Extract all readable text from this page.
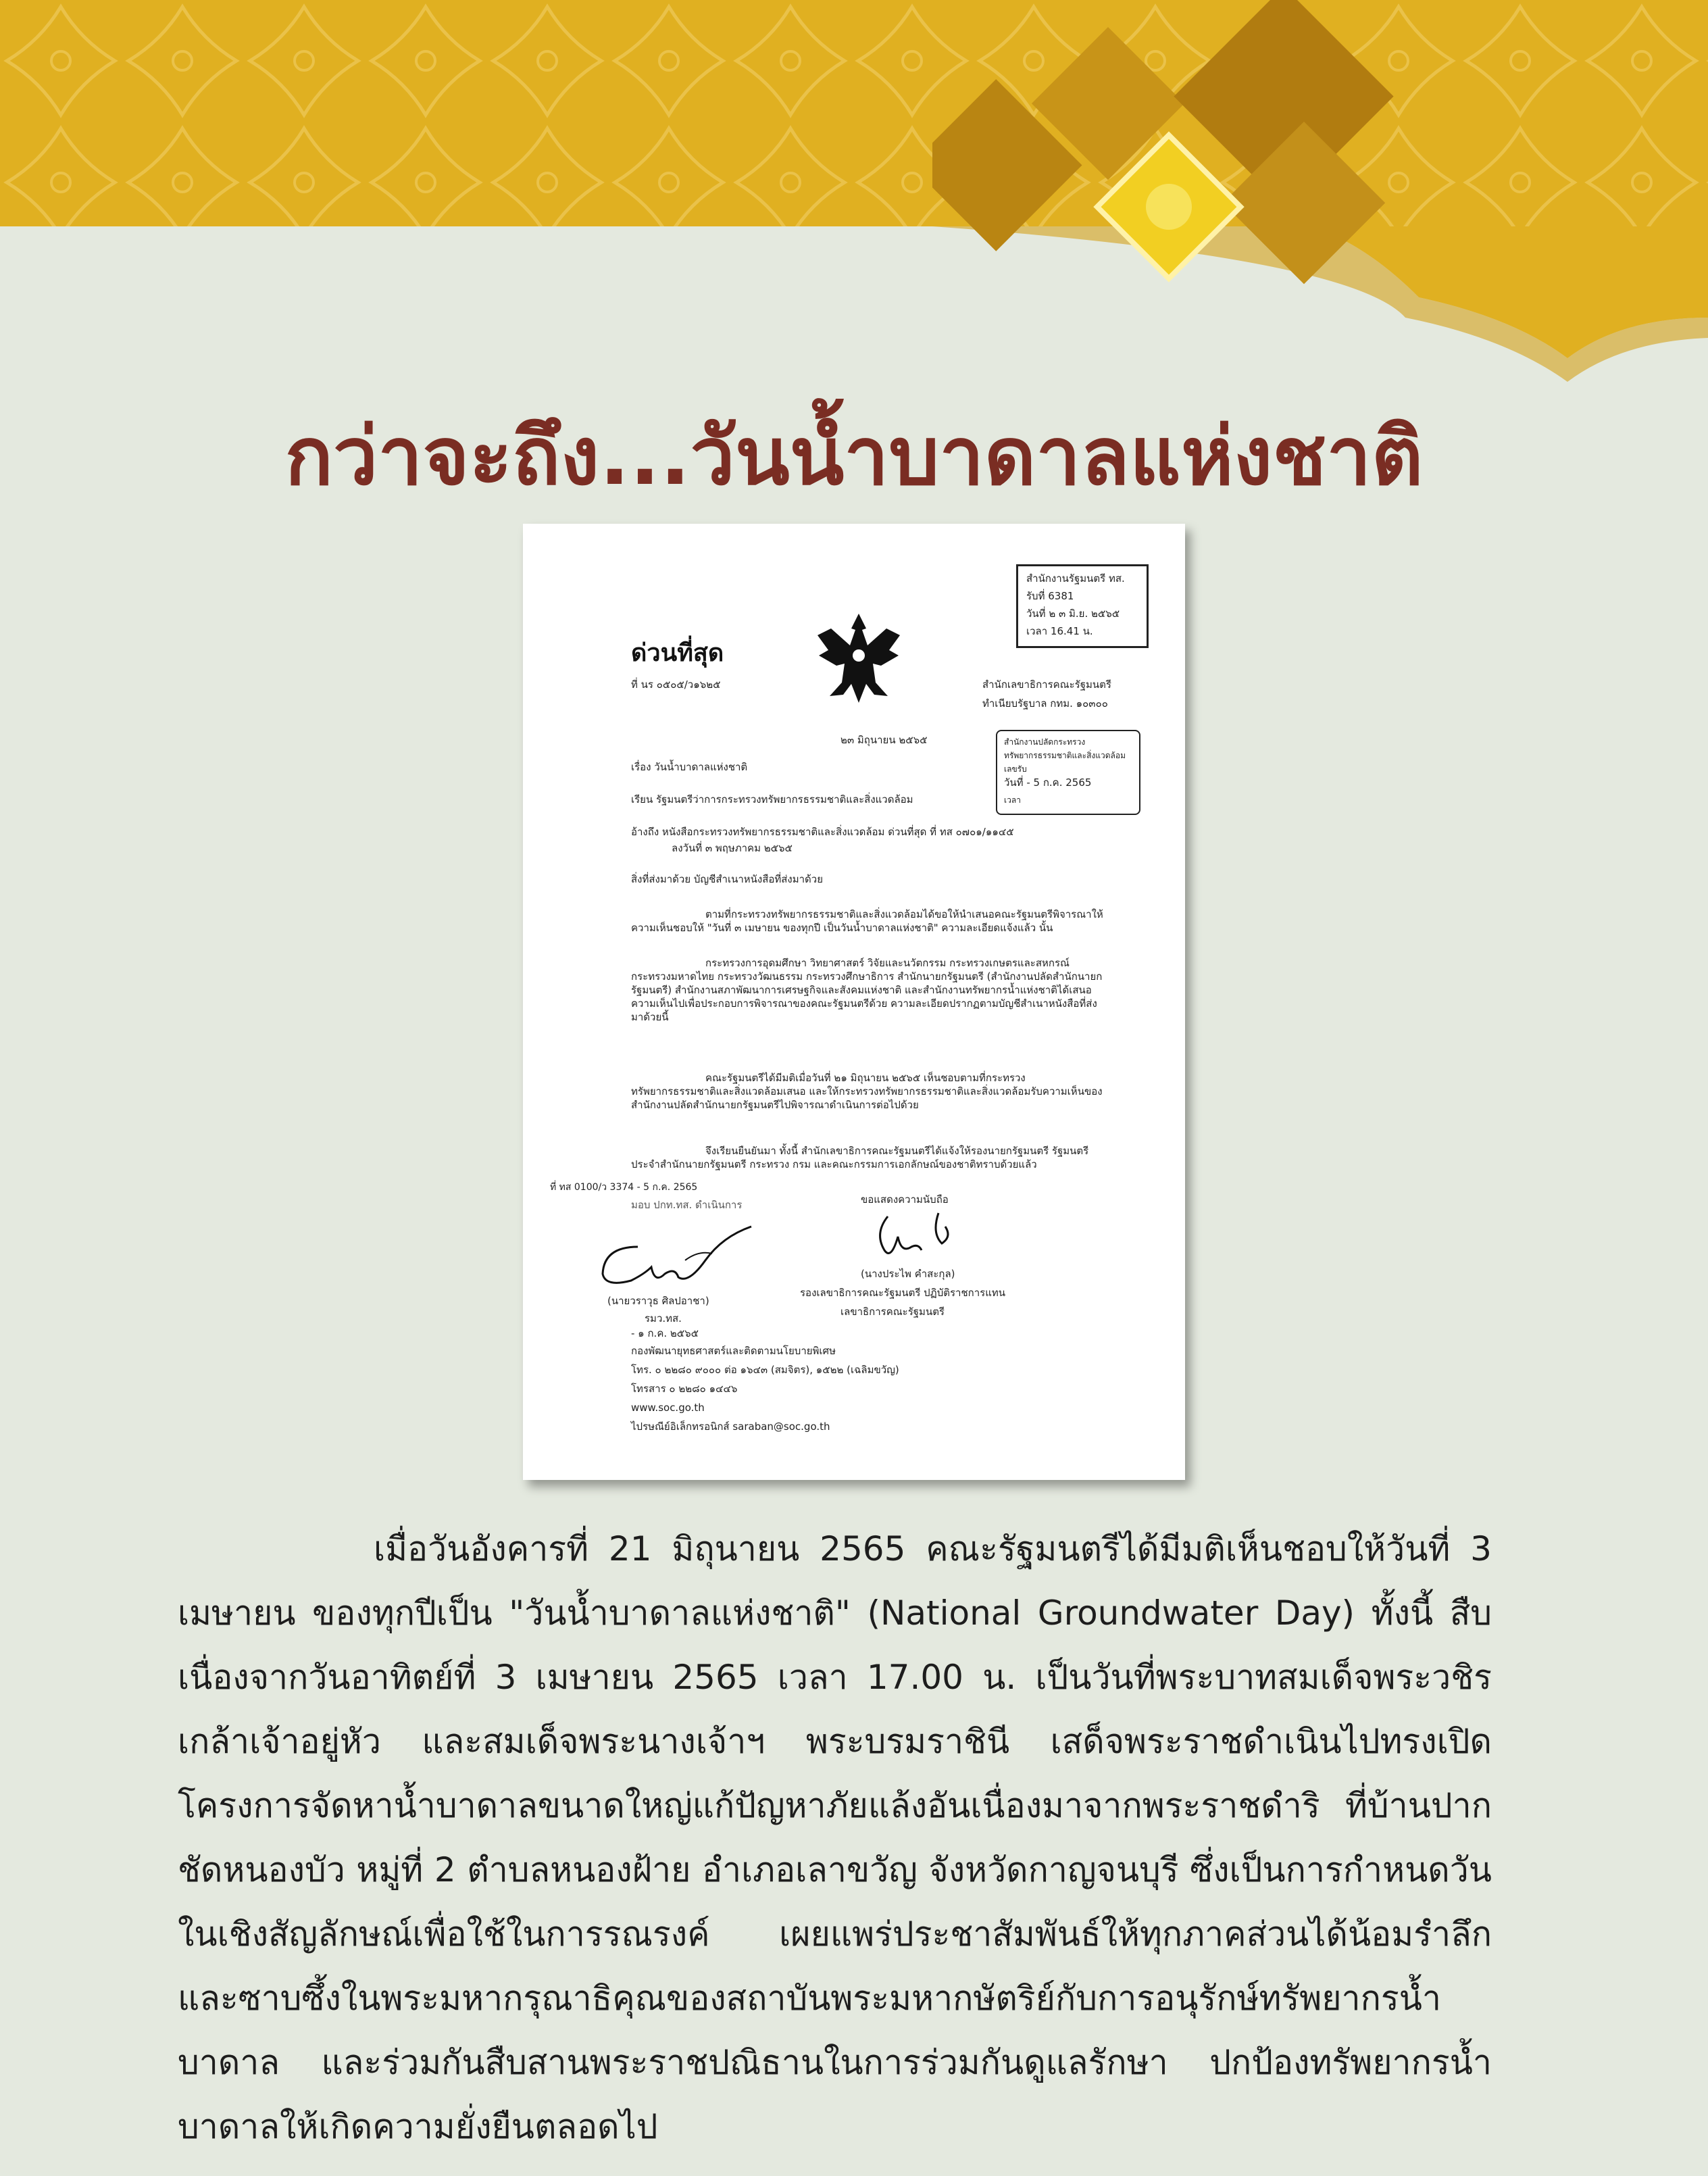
กว่าจะถึง...วันน้ำบาดาลแห่งชาติ
สำนักงานรัฐมนตรี ทส.
รับที่ 6381
วันที่ ๒ ๓ มิ.ย. ๒๕๖๕
เวลา 16.41 น.
ด่วนที่สุด
ที่ นร ๐๕๐๕/ว๑๖๒๕	สำนักเลขาธิการคณะรัฐมนตรี
ทำเนียบรัฐบาล กทม. ๑๐๓๐๐
๒๓ มิถุนายน ๒๕๖๕	สำนักงานปลัดกระทรวง
ทรัพยากรธรรมชาติและสิ่งแวดล้อม
เลขรับ
วันที่ - 5 ก.ค. 2565
เวลา
เรื่อง วันน้ำบาดาลแห่งชาติ
เรียน รัฐมนตรีว่าการกระทรวงทรัพยากรธรรมชาติและสิ่งแวดล้อม
อ้างถึง หนังสือกระทรวงทรัพยากรธรรมชาติและสิ่งแวดล้อม ด่วนที่สุด ที่ ทส ๐๗๐๑/๑๑๔๕
ลงวันที่ ๓ พฤษภาคม ๒๕๖๕
สิ่งที่ส่งมาด้วย บัญชีสำเนาหนังสือที่ส่งมาด้วย
ตามที่กระทรวงทรัพยากรธรรมชาติและสิ่งแวดล้อมได้ขอให้นำเสนอคณะรัฐมนตรีพิจารณาให้ความเห็นชอบให้ "วันที่ ๓ เมษายน ของทุกปี เป็นวันน้ำบาดาลแห่งชาติ" ความละเอียดแจ้งแล้ว นั้น
กระทรวงการอุดมศึกษา วิทยาศาสตร์ วิจัยและนวัตกรรม กระทรวงเกษตรและสหกรณ์ กระทรวงมหาดไทย กระทรวงวัฒนธรรม กระทรวงศึกษาธิการ สำนักนายกรัฐมนตรี (สำนักงานปลัดสำนักนายกรัฐมนตรี) สำนักงานสภาพัฒนาการเศรษฐกิจและสังคมแห่งชาติ และสำนักงานทรัพยากรน้ำแห่งชาติได้เสนอความเห็นไปเพื่อประกอบการพิจารณาของคณะรัฐมนตรีด้วย ความละเอียดปรากฏตามบัญชีสำเนาหนังสือที่ส่งมาด้วยนี้
คณะรัฐมนตรีได้มีมติเมื่อวันที่ ๒๑ มิถุนายน ๒๕๖๕ เห็นชอบตามที่กระทรวงทรัพยากรธรรมชาติและสิ่งแวดล้อมเสนอ และให้กระทรวงทรัพยากรธรรมชาติและสิ่งแวดล้อมรับความเห็นของสำนักงานปลัดสำนักนายกรัฐมนตรีไปพิจารณาดำเนินการต่อไปด้วย
จึงเรียนยืนยันมา ทั้งนี้ สำนักเลขาธิการคณะรัฐมนตรีได้แจ้งให้รองนายกรัฐมนตรี รัฐมนตรีประจำสำนักนายกรัฐมนตรี กระทรวง กรม และคณะกรรมการเอกลักษณ์ของชาติทราบด้วยแล้ว
ที่ ทส 0100/ว 3374 - 5 ก.ค. 2565
มอบ ปกท.ทส. ดำเนินการ	ขอแสดงความนับถือ
(นางประไพ คำสะกุล)
รองเลขาธิการคณะรัฐมนตรี ปฏิบัติราชการแทน
เลขาธิการคณะรัฐมนตรี
(นายวราวุธ ศิลปอาชา)
รมว.ทส.
- ๑ ก.ค. ๒๕๖๕
กองพัฒนายุทธศาสตร์และติดตามนโยบายพิเศษ
โทร. ๐ ๒๒๘๐ ๙๐๐๐ ต่อ ๑๖๔๓ (สมจิตร), ๑๕๒๒ (เฉลิมขวัญ)
โทรสาร ๐ ๒๒๘๐ ๑๔๔๖
www.soc.go.th
ไปรษณีย์อิเล็กทรอนิกส์ saraban@soc.go.th
เมื่อวันอังคารที่ 21 มิถุนายน 2565 คณะรัฐมนตรีได้มีมติเห็นชอบให้วันที่ 3 เมษายน ของทุกปีเป็น "วันน้ำบาดาลแห่งชาติ" (National Groundwater Day) ทั้งนี้ สืบเนื่องจากวันอาทิตย์ที่ 3 เมษายน 2565 เวลา 17.00 น. เป็นวันที่พระบาทสมเด็จพระวชิรเกล้าเจ้าอยู่หัว และสมเด็จพระนางเจ้าฯ พระบรมราชินี เสด็จพระราชดำเนินไปทรงเปิดโครงการจัดหาน้ำบาดาลขนาดใหญ่แก้ปัญหาภัยแล้งอันเนื่องมาจากพระราชดำริ ที่บ้านปากชัดหนองบัว หมู่ที่ 2 ตำบลหนองฝ้าย อำเภอเลาขวัญ จังหวัดกาญจนบุรี ซึ่งเป็นการกำหนดวันในเชิงสัญลักษณ์เพื่อใช้ในการรณรงค์ เผยแพร่ประชาสัมพันธ์ให้ทุกภาคส่วนได้น้อมรำลึก และซาบซึ้งในพระมหากรุณาธิคุณของสถาบันพระมหากษัตริย์กับการอนุรักษ์ทรัพยากรน้ำบาดาล และร่วมกันสืบสานพระราชปณิธานในการร่วมกันดูแลรักษา ปกป้องทรัพยากรน้ำบาดาลให้เกิดความยั่งยืนตลอดไป
